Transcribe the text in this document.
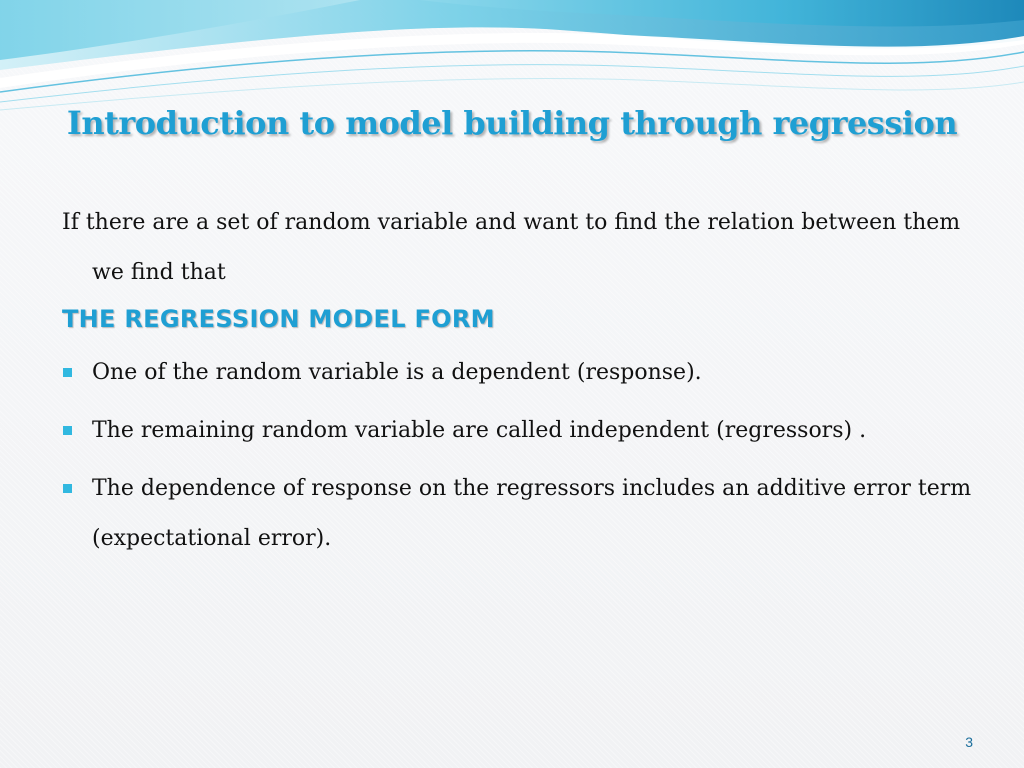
Introduction to model building through regression

If there are a set of random variable and want to find the relation between them we find that

THE REGRESSION MODEL FORM
One of the random variable is a dependent (response).
The remaining random variable are called independent (regressors) .
The dependence of response on the regressors includes an additive error term (expectational error).
3
